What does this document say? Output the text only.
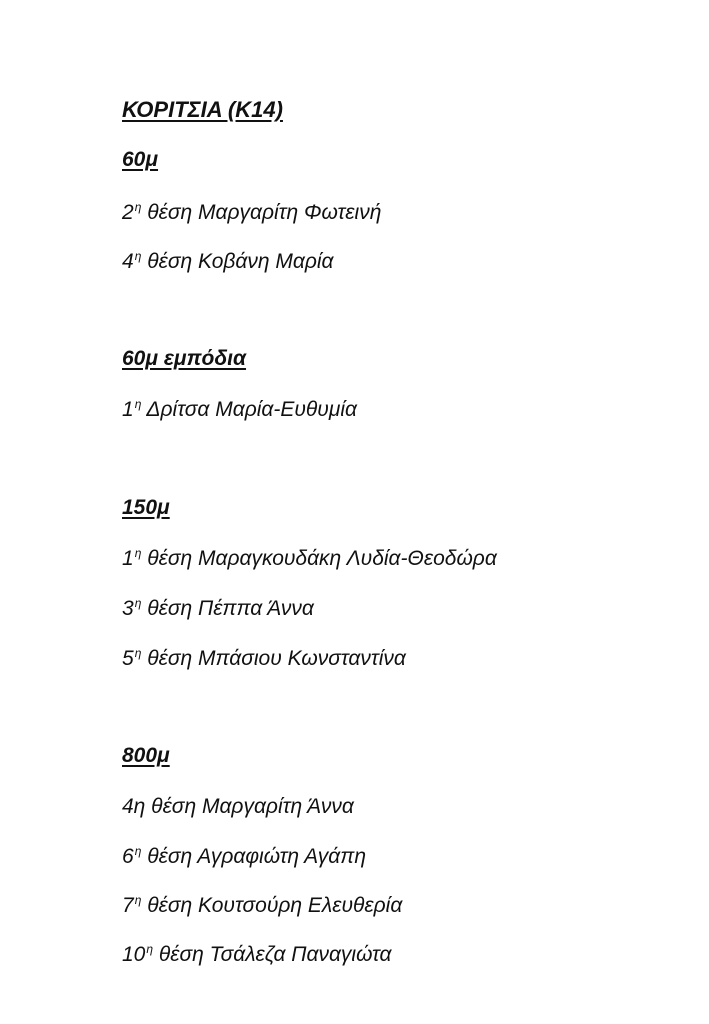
ΚΟΡΙΤΣΙΑ (Κ14)
60μ
$2^\eta$ θέση Μαργαρίτη Φωτεινή
$4^\eta$ θέση Κοβάνη Μαρία
60μ εμπόδια
$1^\eta$ Δρίτσα Μαρία-Ευθυμία
150μ
$1^\eta$ θέση Μαραγκουδάκη Λυδία-Θεοδώρα
$3^\eta$ θέση Πέππα Άννα
$5^\eta$ θέση Μπάσιου Κωνσταντίνα
800μ
4η θέση Μαργαρίτη Άννα
$6^\eta$ θέση Αγραφιώτη Αγάπη
$7^\eta$ θέση Κουτσούρη Ελευθερία
$10^\eta$ θέση Τσάλεζα Παναγιώτα
